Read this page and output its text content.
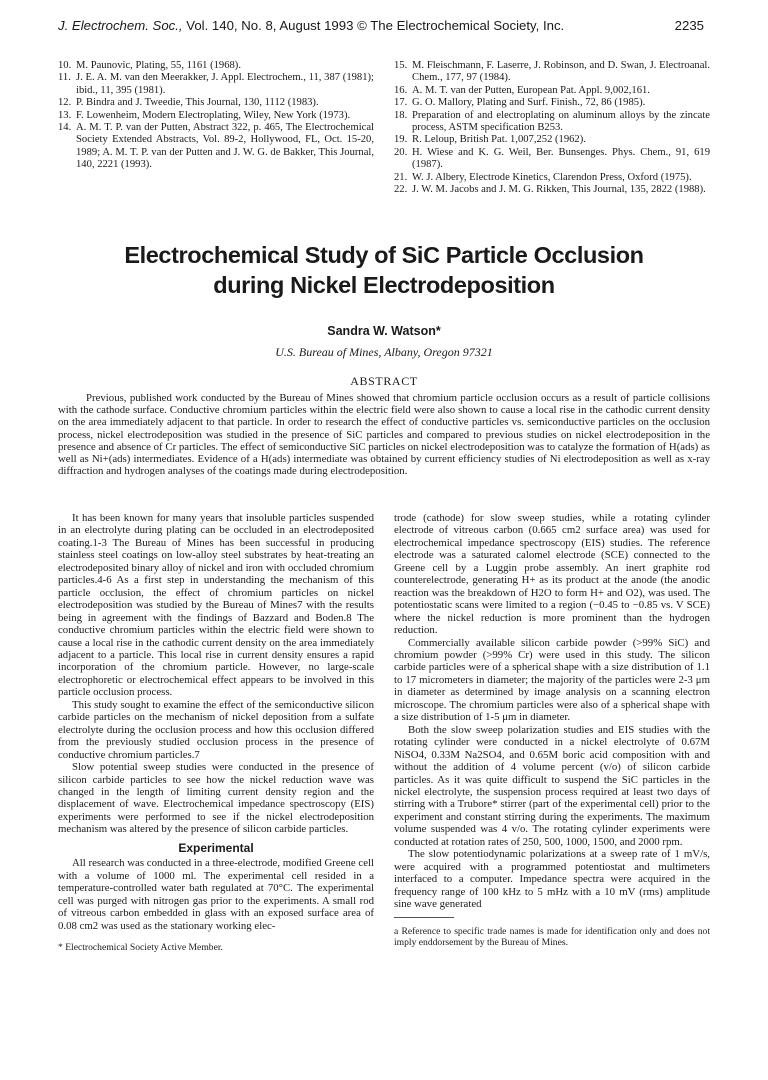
J. Electrochem. Soc., Vol. 140, No. 8, August 1993 © The Electrochemical Society, Inc.	2235
10. M. Paunovic, Plating, 55, 1161 (1968).
11. J. E. A. M. van den Meerakker, J. Appl. Electrochem., 11, 387 (1981); ibid., 11, 395 (1981).
12. P. Bindra and J. Tweedie, This Journal, 130, 1112 (1983).
13. F. Lowenheim, Modern Electroplating, Wiley, New York (1973).
14. A. M. T. P. van der Putten, Abstract 322, p. 465, The Electrochemical Society Extended Abstracts, Vol. 89-2, Hollywood, FL, Oct. 15-20, 1989; A. M. T. P. van der Putten and J. W. G. de Bakker, This Journal, 140, 2221 (1993).
15. M. Fleischmann, F. Laserre, J. Robinson, and D. Swan, J. Electroanal. Chem., 177, 97 (1984).
16. A. M. T. van der Putten, European Pat. Appl. 9,002,161.
17. G. O. Mallory, Plating and Surf. Finish., 72, 86 (1985).
18. Preparation of and electroplating on aluminum alloys by the zincate process, ASTM specification B253.
19. R. Leloup, British Pat. 1,007,252 (1962).
20. H. Wiese and K. G. Weil, Ber. Bunsenges. Phys. Chem., 91, 619 (1987).
21. W. J. Albery, Electrode Kinetics, Clarendon Press, Oxford (1975).
22. J. W. M. Jacobs and J. M. G. Rikken, This Journal, 135, 2822 (1988).
Electrochemical Study of SiC Particle Occlusion
during Nickel Electrodeposition
Sandra W. Watson*
U.S. Bureau of Mines, Albany, Oregon 97321
ABSTRACT
Previous, published work conducted by the Bureau of Mines showed that chromium particle occlusion occurs as a result of particle collisions with the cathode surface. Conductive chromium particles within the electric field were also shown to cause a local rise in the cathodic current density on the area immediately adjacent to that particle. In order to research the effect of conductive particles vs. semiconductive particles on the occlusion process, nickel electrodeposition was studied in the presence of SiC particles and compared to previous studies on nickel electrodeposition in the presence and absence of Cr particles. The effect of semiconductive SiC particles on nickel electrodeposition was to catalyze the formation of H(ads) as well as Ni+(ads) intermediates. Evidence of a H(ads) intermediate was obtained by current efficiency studies of Ni electrodeposition as well as x-ray diffraction and hydrogen analyses of the coatings made during electrodeposition.

It has been known for many years that insoluble particles suspended in an electrolyte during plating can be occluded in an electrodeposited coating.1-3 The Bureau of Mines has been successful in producing stainless steel coatings on low-alloy steel substrates by heat-treating an electrodeposited binary alloy of nickel and iron with occluded chromium particles.4-6 As a first step in understanding the mechanism of this particle occlusion, the effect of chromium particles on nickel electrodeposition was studied by the Bureau of Mines7 with the results being in agreement with the findings of Bazzard and Boden.8 The conductive chromium particles within the electric field were shown to cause a local rise in the cathodic current density on the area immediately adjacent to a particle. This local rise in current density ensures a rapid incorporation of the chromium particle. However, no large-scale electrophoretic or electrochemical effect appears to be involved in this particle occlusion process.

This study sought to examine the effect of the semiconductive silicon carbide particles on the mechanism of nickel deposition from a sulfate electrolyte during the occlusion process and how this occlusion differed from the previously studied occlusion process in the presence of conductive chromium particles.7

Slow potential sweep studies were conducted in the presence of silicon carbide particles to see how the nickel reduction wave was changed in the length of limiting current density region and the displacement of wave. Electrochemical impedance spectroscopy (EIS) experiments were performed to see if the nickel electrodeposition mechanism was altered by the presence of silicon carbide particles.

Experimental

All research was conducted in a three-electrode, modified Greene cell with a volume of 1000 ml. The experimental cell resided in a temperature-controlled water bath regulated at 70°C. The experimental cell was purged with nitrogen gas prior to the experiments. A small rod of vitreous carbon embedded in glass with an exposed surface area of 0.08 cm2 was used as the stationary working elec-

* Electrochemical Society Active Member.

trode (cathode) for slow sweep studies, while a rotating cylinder electrode of vitreous carbon (0.665 cm2 surface area) was used for electrochemical impedance spectroscopy (EIS) studies. The reference electrode was a saturated calomel electrode (SCE) connected to the Greene cell by a Luggin probe assembly. An inert graphite rod counterelectrode, generating H+ as its product at the anode (the anodic reaction was the breakdown of H2O to form H+ and O2), was used. The potentiostatic scans were limited to a region (−0.45 to −0.85 vs. V SCE) where the nickel reduction is more prominent than the hydrogen reduction.

Commercially available silicon carbide powder (>99% SiC) and chromium powder (>99% Cr) were used in this study. The silicon carbide particles were of a spherical shape with a size distribution of 1.1 to 17 micrometers in diameter; the majority of the particles were 2-3 μm in diameter as determined by image analysis on a scanning electron microscope. The chromium particles were also of a spherical shape with a size distribution of 1-5 μm in diameter.

Both the slow sweep polarization studies and EIS studies with the rotating cylinder were conducted in a nickel electrolyte of 0.67M NiSO4, 0.33M Na2SO4, and 0.65M boric acid composition with and without the addition of 4 volume percent (v/o) of silicon carbide particles. As it was quite difficult to suspend the SiC particles in the nickel electrolyte, the suspension process required at least two days of stirring with a Trubore* stirrer (part of the experimental cell) prior to the experiment and constant stirring during the experiments. The maximum volume suspended was 4 v/o. The rotating cylinder experiments were conducted at rotation rates of 250, 500, 1000, 1500, and 2000 rpm.

The slow potentiodynamic polarizations at a sweep rate of 1 mV/s, were acquired with a programmed potentiostat and multimeters interfaced to a computer. Impedance spectra were acquired in the frequency range of 100 kHz to 5 mHz with a 10 mV (rms) amplitude sine wave generated

a Reference to specific trade names is made for identification only and does not imply enddorsement by the Bureau of Mines.
